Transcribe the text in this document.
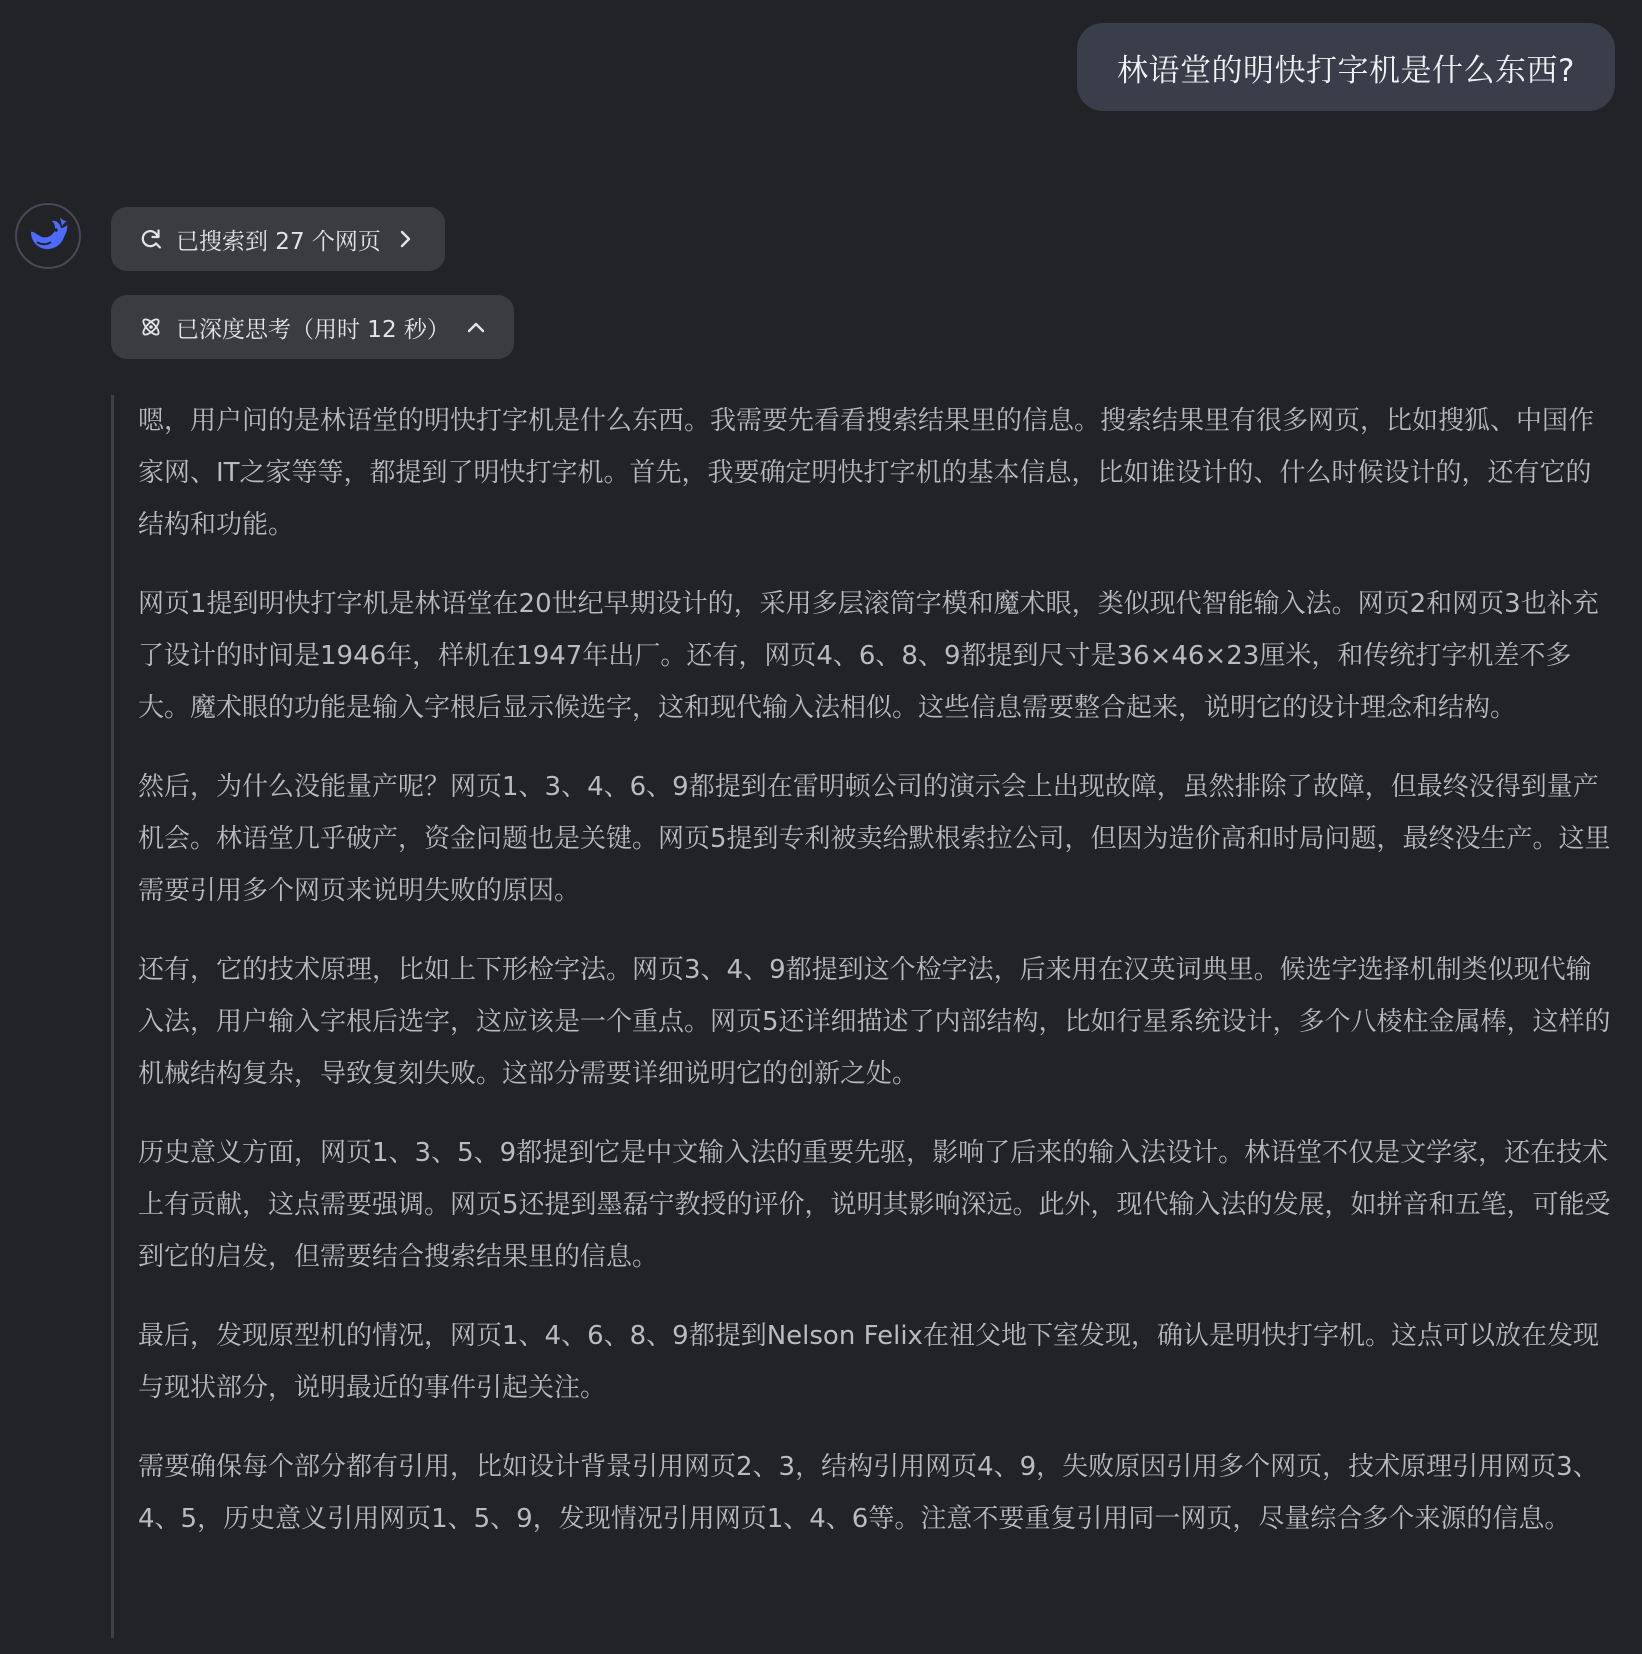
林语堂的明快打字机是什么东西?
已搜索到 27 个网页
已深度思考（用时 12 秒）

嗯，用户问的是林语堂的明快打字机是什么东西。我需要先看看搜索结果里的信息。搜索结果里有很多网页，比如搜狐、中国作家网、IT之家等等，都提到了明快打字机。首先，我要确定明快打字机的基本信息，比如谁设计的、什么时候设计的，还有它的结构和功能。

网页1提到明快打字机是林语堂在20世纪早期设计的，采用多层滚筒字模和魔术眼，类似现代智能输入法。网页2和网页3也补充了设计的时间是1946年，样机在1947年出厂。还有，网页4、6、8、9都提到尺寸是36×46×23厘米，和传统打字机差不多大。魔术眼的功能是输入字根后显示候选字，这和现代输入法相似。这些信息需要整合起来，说明它的设计理念和结构。

然后，为什么没能量产呢？网页1、3、4、6、9都提到在雷明顿公司的演示会上出现故障，虽然排除了故障，但最终没得到量产机会。林语堂几乎破产，资金问题也是关键。网页5提到专利被卖给默根索拉公司，但因为造价高和时局问题，最终没生产。这里需要引用多个网页来说明失败的原因。

还有，它的技术原理，比如上下形检字法。网页3、4、9都提到这个检字法，后来用在汉英词典里。候选字选择机制类似现代输入法，用户输入字根后选字，这应该是一个重点。网页5还详细描述了内部结构，比如行星系统设计，多个八棱柱金属棒，这样的机械结构复杂，导致复刻失败。这部分需要详细说明它的创新之处。

历史意义方面，网页1、3、5、9都提到它是中文输入法的重要先驱，影响了后来的输入法设计。林语堂不仅是文学家，还在技术上有贡献，这点需要强调。网页5还提到墨磊宁教授的评价，说明其影响深远。此外，现代输入法的发展，如拼音和五笔，可能受到它的启发，但需要结合搜索结果里的信息。

最后，发现原型机的情况，网页1、4、6、8、9都提到Nelson Felix在祖父地下室发现，确认是明快打字机。这点可以放在发现与现状部分，说明最近的事件引起关注。

需要确保每个部分都有引用，比如设计背景引用网页2、3，结构引用网页4、9，失败原因引用多个网页，技术原理引用网页3、4、5，历史意义引用网页1、5、9，发现情况引用网页1、4、6等。注意不要重复引用同一网页，尽量综合多个来源的信息。
